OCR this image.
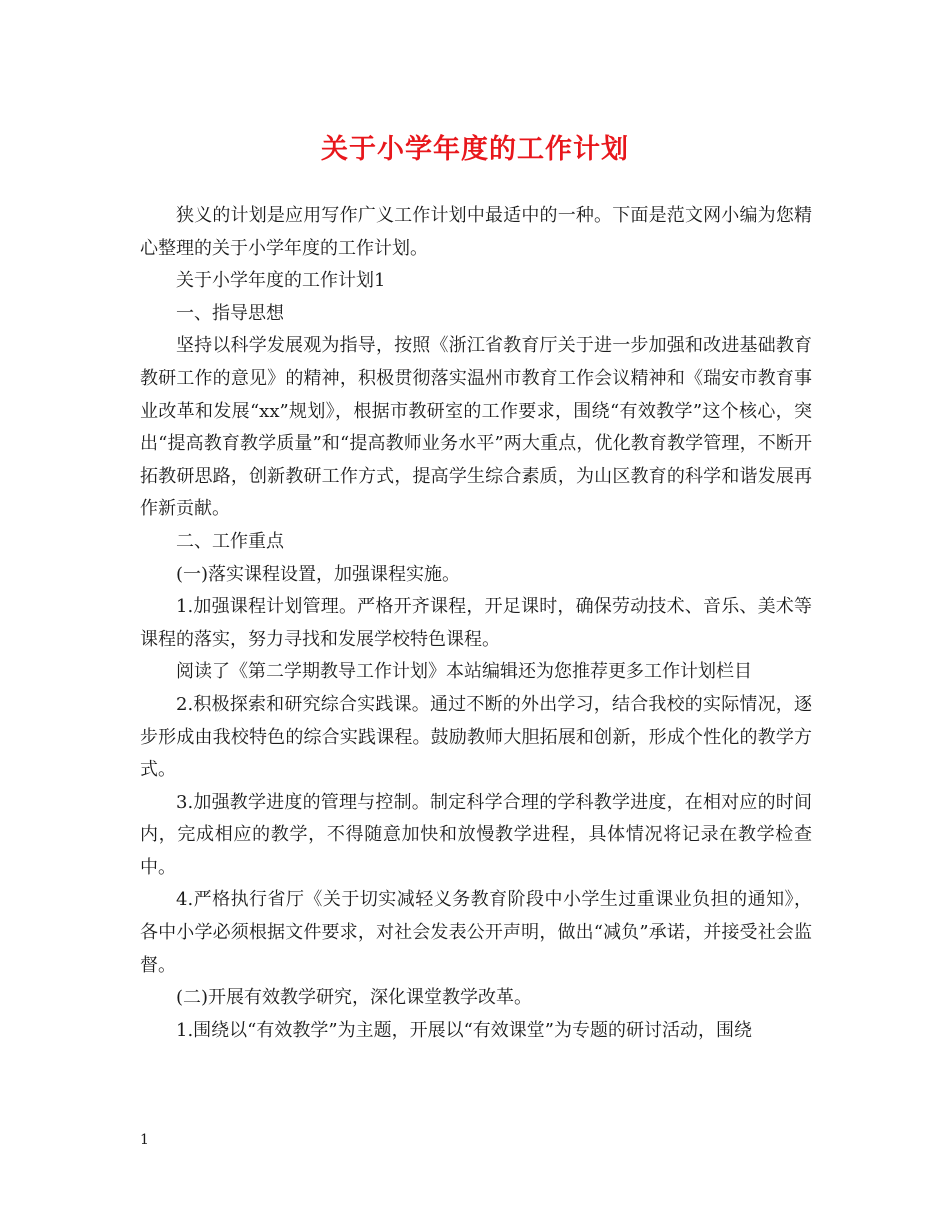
关于小学年度的工作计划

狭义的计划是应用写作广义工作计划中最适中的一种。下面是范文网小编为您精心整理的关于小学年度的工作计划。

关于小学年度的工作计划1

一、指导思想

坚持以科学发展观为指导，按照《浙江省教育厅关于进一步加强和改进基础教育教研工作的意见》的精神，积极贯彻落实温州市教育工作会议精神和《瑞安市教育事业改革和发展“xx”规划》，根据市教研室的工作要求，围绕“有效教学”这个核心，突出“提高教育教学质量”和“提高教师业务水平”两大重点，优化教育教学管理，不断开拓教研思路，创新教研工作方式，提高学生综合素质，为山区教育的科学和谐发展再作新贡献。

二、工作重点

(一)落实课程设置，加强课程实施。

1.加强课程计划管理。严格开齐课程，开足课时，确保劳动技术、音乐、美术等课程的落实，努力寻找和发展学校特色课程。

阅读了《第二学期教导工作计划》本站编辑还为您推荐更多工作计划栏目

2.积极探索和研究综合实践课。通过不断的外出学习，结合我校的实际情况，逐步形成由我校特色的综合实践课程。鼓励教师大胆拓展和创新，形成个性化的教学方式。

3.加强教学进度的管理与控制。制定科学合理的学科教学进度，在相对应的时间内，完成相应的教学，不得随意加快和放慢教学进程，具体情况将记录在教学检查中。

4.严格执行省厅《关于切实减轻义务教育阶段中小学生过重课业负担的通知》，各中小学必须根据文件要求，对社会发表公开声明，做出“减负”承诺，并接受社会监督。

(二)开展有效教学研究，深化课堂教学改革。

1.围绕以“有效教学”为主题，开展以“有效课堂”为专题的研讨活动，围绕

1
